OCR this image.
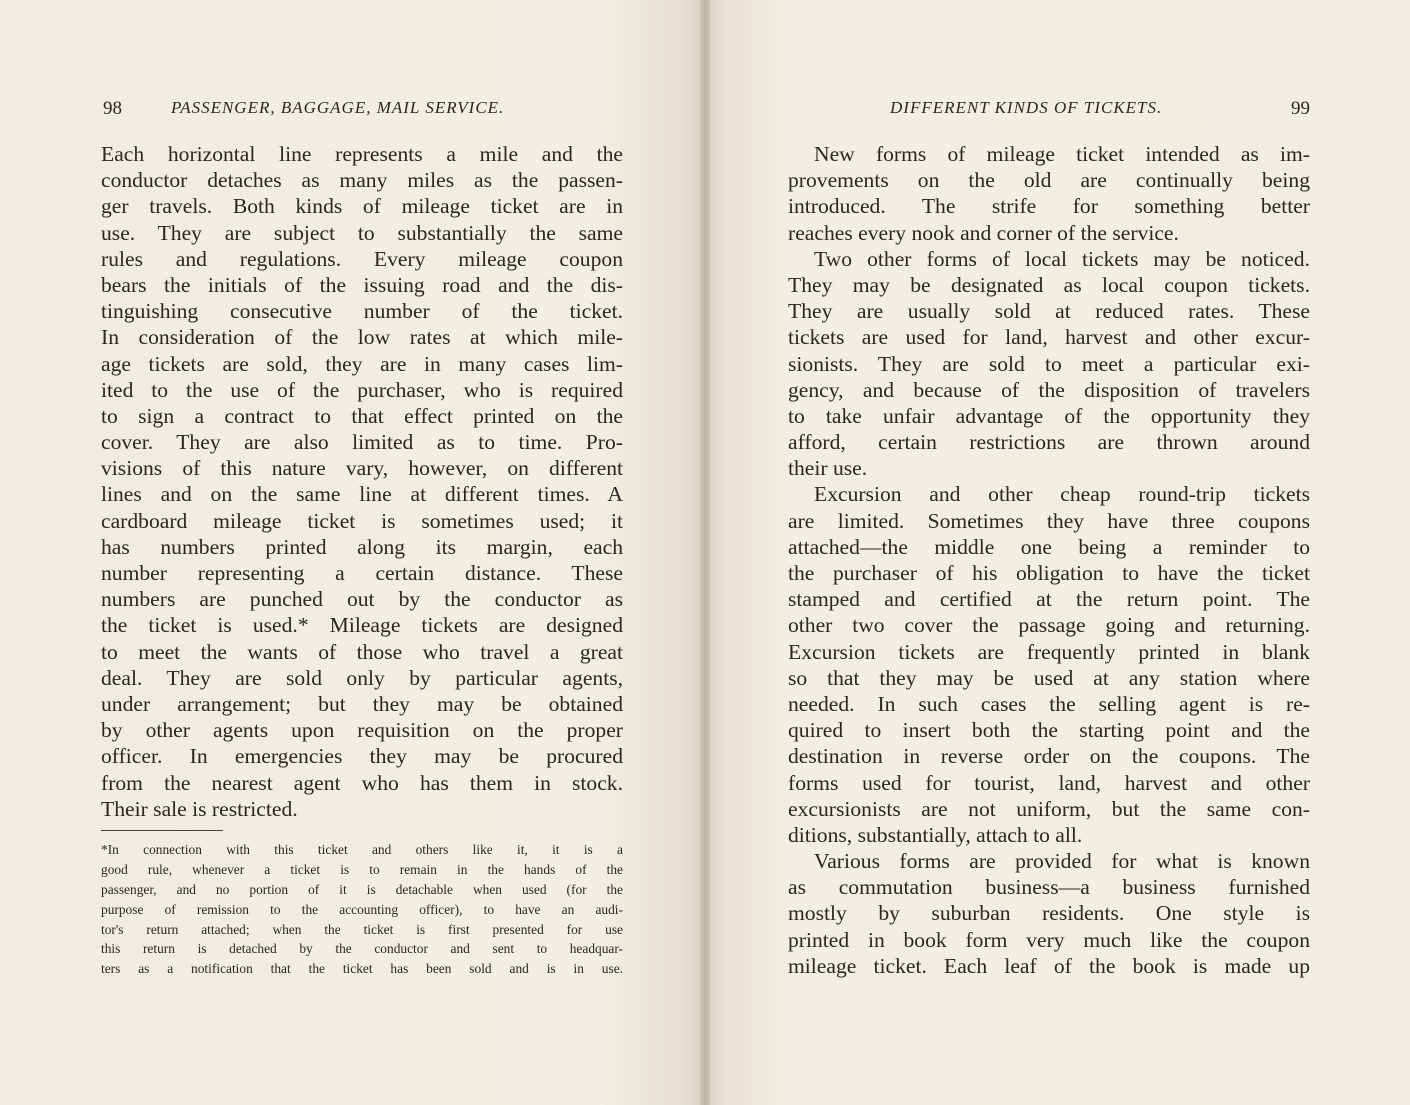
98	PASSENGER, BAGGAGE, MAIL SERVICE.
Each horizontal line represents a mile and the
conductor detaches as many miles as the passen-
ger travels. Both kinds of mileage ticket are in
use. They are subject to substantially the same
rules and regulations. Every mileage coupon
bears the initials of the issuing road and the dis-
tinguishing consecutive number of the ticket.
In consideration of the low rates at which mile-
age tickets are sold, they are in many cases lim-
ited to the use of the purchaser, who is required
to sign a contract to that effect printed on the
cover. They are also limited as to time. Pro-
visions of this nature vary, however, on different
lines and on the same line at different times. A
cardboard mileage ticket is sometimes used; it
has numbers printed along its margin, each
number representing a certain distance. These
numbers are punched out by the conductor as
the ticket is used.* Mileage tickets are designed
to meet the wants of those who travel a great
deal. They are sold only by particular agents,
under arrangement; but they may be obtained
by other agents upon requisition on the proper
officer. In emergencies they may be procured
from the nearest agent who has them in stock.
Their sale is restricted.
*In connection with this ticket and others like it, it is a
good rule, whenever a ticket is to remain in the hands of the
passenger, and no portion of it is detachable when used (for the
purpose of remission to the accounting officer), to have an audi-
tor's return attached; when the ticket is first presented for use
this return is detached by the conductor and sent to headquar-
ters as a notification that the ticket has been sold and is in use.
DIFFERENT KINDS OF TICKETS.	99
New forms of mileage ticket intended as im-
provements on the old are continually being
introduced. The strife for something better
reaches every nook and corner of the service.
Two other forms of local tickets may be noticed.
They may be designated as local coupon tickets.
They are usually sold at reduced rates. These
tickets are used for land, harvest and other excur-
sionists. They are sold to meet a particular exi-
gency, and because of the disposition of travelers
to take unfair advantage of the opportunity they
afford, certain restrictions are thrown around
their use.
Excursion and other cheap round-trip tickets
are limited. Sometimes they have three coupons
attached—the middle one being a reminder to
the purchaser of his obligation to have the ticket
stamped and certified at the return point. The
other two cover the passage going and returning.
Excursion tickets are frequently printed in blank
so that they may be used at any station where
needed. In such cases the selling agent is re-
quired to insert both the starting point and the
destination in reverse order on the coupons. The
forms used for tourist, land, harvest and other
excursionists are not uniform, but the same con-
ditions, substantially, attach to all.
Various forms are provided for what is known
as commutation business—a business furnished
mostly by suburban residents. One style is
printed in book form very much like the coupon
mileage ticket. Each leaf of the book is made up
